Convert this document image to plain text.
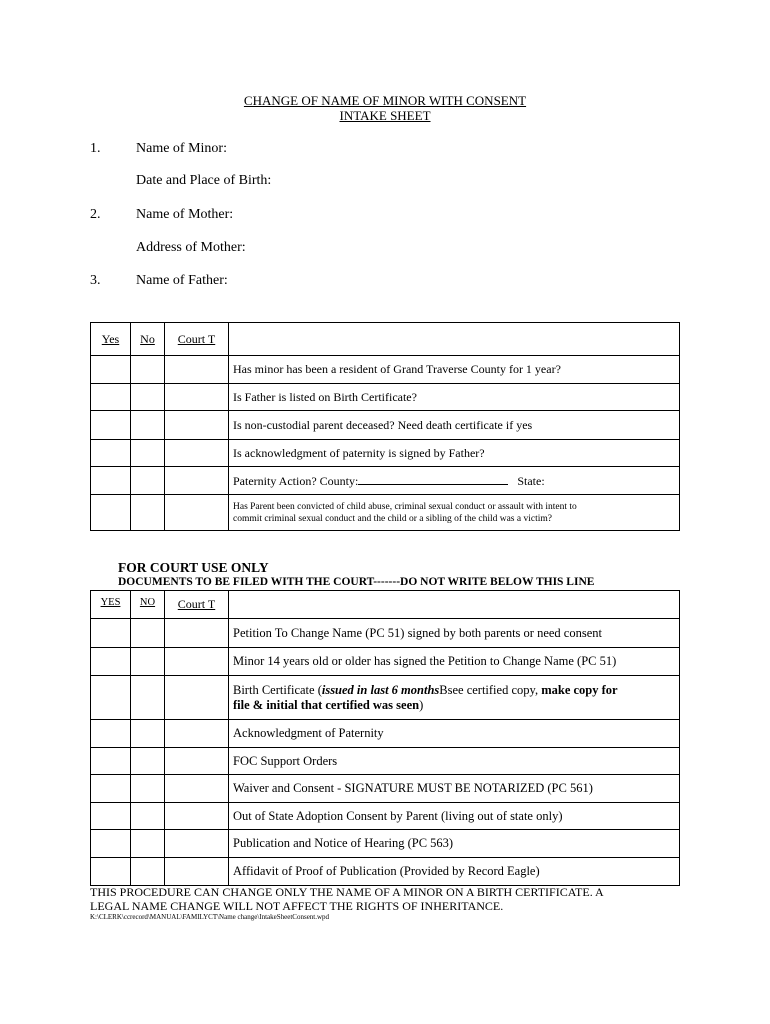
CHANGE OF NAME OF MINOR WITH CONSENT
INTAKE SHEET
1.	Name of Minor:
Date and Place of Birth:
2.	Name of Mother:
Address of Mother:
3.	Name of Father:
Yes	No	Court T	
			Has minor has been a resident of Grand Traverse County for 1 year?
			Is Father is listed on Birth Certificate?
			Is non-custodial parent deceased? Need death certificate if yes
			Is acknowledgment of paternity is signed by Father?
			Paternity Action? County: State:

			Has Parent been convicted of child abuse, criminal sexual conduct or assault with intent to
commit criminal sexual conduct and the child or a sibling of the child was a victim?
FOR COURT USE ONLY
DOCUMENTS TO BE FILED WITH THE COURT-------DO NOT WRITE BELOW THIS LINE
YES	NO	Court T	
			Petition To Change Name (PC 51) signed by both parents or need consent
			Minor 14 years old or older has signed the Petition to Change Name (PC 51)
			Birth Certificate (issued in last 6 monthsBsee certified copy, make copy for
file & initial that certified was seen)
			Acknowledgment of Paternity
			FOC Support Orders
			Waiver and Consent - SIGNATURE MUST BE NOTARIZED (PC 561)
			Out of State Adoption Consent by Parent (living out of state only)
			Publication and Notice of Hearing (PC 563)
			Affidavit of Proof of Publication (Provided by Record Eagle)
THIS PROCEDURE CAN CHANGE ONLY THE NAME OF A MINOR ON A BIRTH CERTIFICATE. A
LEGAL NAME CHANGE WILL NOT AFFECT THE RIGHTS OF INHERITANCE.
K:\CLERK\ccrecord\MANUAL\FAMILYCT\Name change\IntakeSheetConsent.wpd
